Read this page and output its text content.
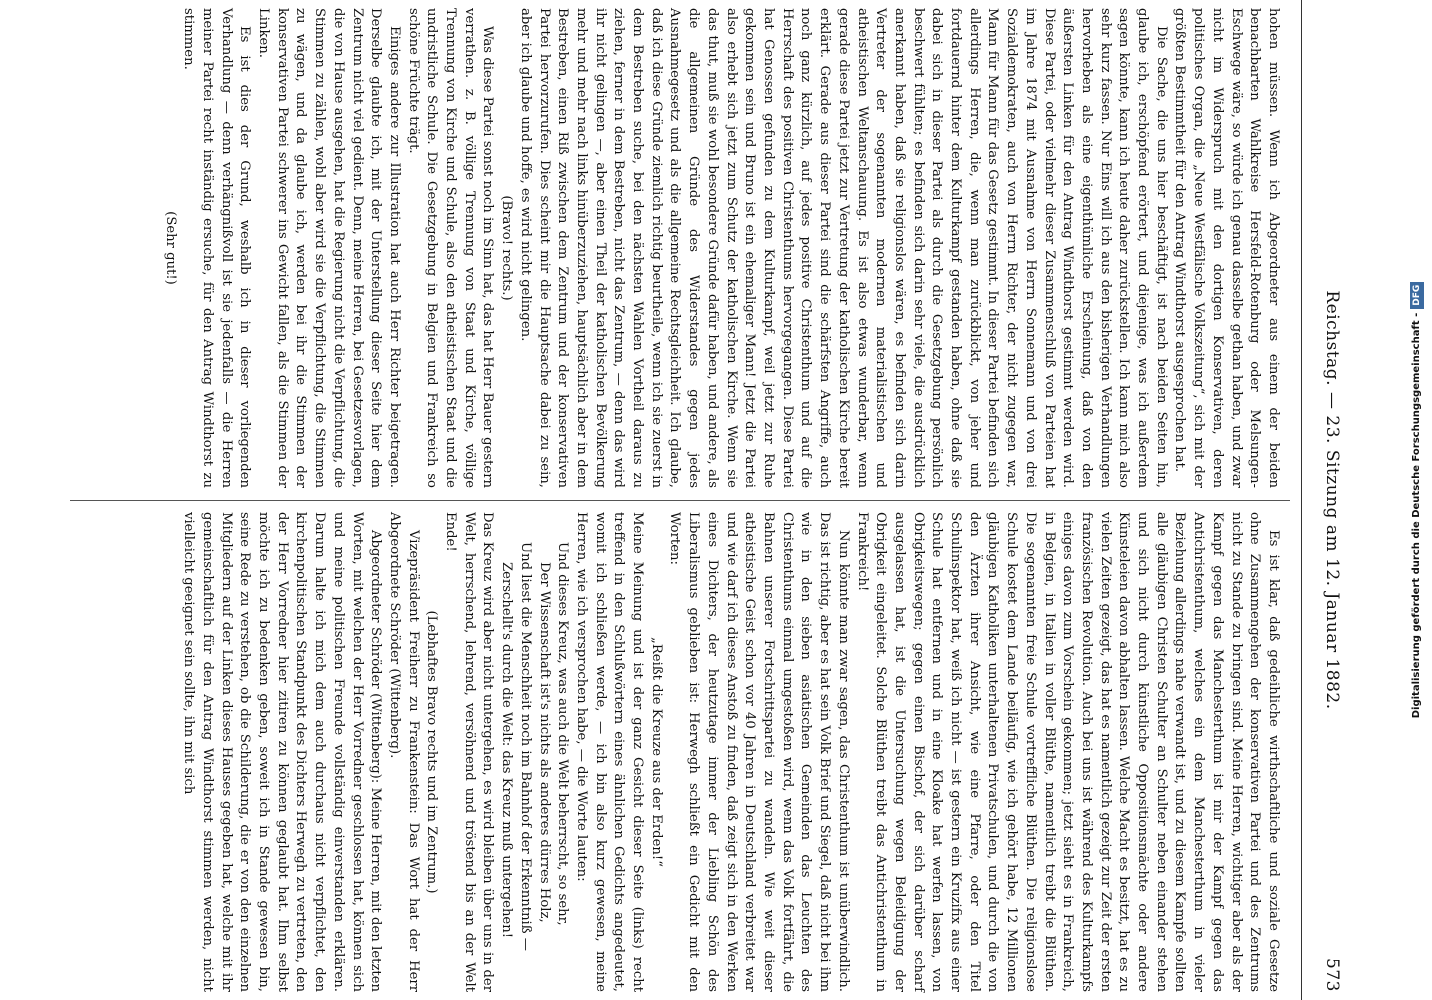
Reichstag. — 23. Sitzung am 12. Januar 1882.
573

hohen müssen. Wenn ich Abgeordneter aus einem der beiden benachbarten Wahlkreise Hersfeld-Rotenburg oder Melsungen-Eschwege wäre, so würde ich genau dasselbe gethan haben, und zwar nicht im Widerspruch mit den dortigen Konservativen, deren politisches Organ, die „Neue Westfälische Volkszeitung“, sich mit der größten Bestimmtheit für den Antrag Windthorst ausgesprochen hat.

Die Sache, die uns hier beschäftigt, ist nach beiden Seiten hin, glaube ich, erschöpfend erörtert, und diejenige, was ich außerdem sagen könnte, kann ich heute daher zurückstellen. Ich kann mich also sehr kurz fassen. Nur Eins will ich aus den bisherigen Verhandlungen hervorheben als eine eigenthümliche Erscheinung, daß von den äußersten Linken für den Antrag Windthorst gestimmt werden wird. Diese Partei, oder vielmehr dieser Zusammenschluß von Parteien hat im Jahre 1874 mit Ausnahme von Herrn Sonnemann und von drei Sozialdemokraten, auch von Herrn Richter, der nicht zugegen war, Mann für Mann für das Gesetz gestimmt. In dieser Partei befinden sich allerdings Herren, die, wenn man zurückblickt, von jeher und fortdauernd hinter dem Kulturkampf gestanden haben, ohne daß sie dabei sich in dieser Partei als durch die Gesetzgebung persönlich beschwert fühlten; es befinden sich darin sehr viele, die ausdrücklich anerkannt haben, daß sie religionslos wären, es befinden sich darin Vertreter der sogenannten modernen materialistischen und atheistischen Weltanschauung. Es ist also etwas wunderbar, wenn gerade diese Partei jetzt zur Vertretung der katholischen Kirche bereit erklärt. Gerade aus dieser Partei sind die schärfsten Angriffe, auch noch ganz kürzlich, auf jedes positive Christenthum und auf die Herrschaft des positiven Christenthums hervorgegangen. Diese Partei hat Genossen gefunden zu dem Kulturkampf, weil jetzt zur Ruhe gekommen sein und Bruno ist ein ehemaliger Mann! Jetzt die Partei also erhebt sich jetzt zum Schutz der katholischen Kirche. Wenn sie das thut, muß sie wohl besondere Gründe dafür haben, und andere, als die allgemeinen Gründe des Widerstandes gegen jedes Ausnahmegesetz und als die allgemeine Rechtsgleichheit. Ich glaube, daß ich diese Gründe ziemlich richtig beurtheile, wenn ich sie zuerst in dem Bestreben suche, bei den nächsten Wahlen Vortheil daraus zu ziehen, ferner in dem Bestreben, nicht das Zentrum, — denn das wird ihr nicht gelingen —, aber einen Theil der katholischen Bevölkerung mehr und mehr nach links hinüberzuziehen, hauptsächlich aber in dem Bestreben, einen Riß zwischen dem Zentrum und der konservativen Partei hervorzurufen. Dies scheint mir die Hauptsache dabei zu sein, aber ich glaube und hoffe, es wird nicht gelingen.

(Bravo! rechts.)

Was diese Partei sonst noch im Sinn hat, das hat Herr Bauer gestern verrathen. z. B. völlige Trennung von Staat und Kirche, völlige Trennung von Kirche und Schule, also den atheistischen Staat und die undristliche Schule. Die Gesetzgebung in Belgien und Frankreich so schöne Früchte trägt.

Einiges andere zur Illustration hat auch Herr Richter beigetragen. Derselbe glaubte ich, mit der Unterstellung dieser Seite hier dem Zentrum nicht viel gedient. Denn, meine Herren, bei Gesetzesvorlagen, die von Hause ausgehen, hat die Regierung nicht die Verpflichtung, die Stimmen zu zählen, wohl aber wird sie die Verpflichtung, die Stimmen zu wägen, und da glaube ich, werden bei ihr die Stimmen der konservativen Partei schwerer ins Gewicht fallen, als die Stimmen der Linken.

Es ist dies der Grund, weshalb ich in dieser vorliegenden Verhandlung — denn verhängnißvoll ist sie jedenfalls — die Herren meiner Partei recht inständig ersuche, für den Antrag Windthorst zu stimmen.

(Sehr gut!)

Es ist klar, daß gedeihliche wirthschaftliche und soziale Gesetze ohne Zusammengehen der konservativen Partei und des Zentrums nicht zu Stande zu bringen sind. Meine Herren, wichtiger aber als der Kampf gegen das Manchesterthum ist mir der Kampf gegen das Antichristenthum, welches ein dem Manchesterthum in vieler Beziehung allerdings nahe verwandt ist, und zu diesem Kampfe sollten alle gläubigen Christen Schulter an Schulter neben einander stehen und sich nicht durch künstliche Oppositionsmächte oder andere Künsteleien davon abhalten lassen. Welche Macht es besitzt, hat es zu vielen Zeiten gezeigt, das hat es namentlich gezeigt zur Zeit der ersten französischen Revolution. Auch bei uns ist während des Kulturkampfs einiges davon zum Vorschein gekommen; jetzt sieht es in Frankreich, in Belgien, in Italien in voller Blüthe, namentlich treibt die Blüthen. Die sogenannten freie Schule vortreffliche Blüthen. Die religionslose Schule kostet dem Lande beiläufig, wie ich gehört habe, 12 Millionen gläubigen Katholiken unterhaltenen Privatschulen, und durch die von den Ärzten ihrer Ansicht, wie eine Pfarre, oder den Titel Schulinspektor hat, weiß ich nicht — ist gestern ein Kruzifix aus einer Schule hat entfernen und in eine Kloake hat werfen lassen, von Obrigkeitswegen; gegen einen Bischof, der sich darüber scharf ausgelassen hat, ist die Untersuchung wegen Beleidigung der Obrigkeit eingeleitet. Solche Blüthen treibt das Antichristenthum in Frankreich!

Nun könnte man zwar sagen, das Christenthum ist unüberwindlich. Das ist richtig, aber es hat sein Volk Brief und Siegel, daß nicht bei ihm wie in den sieben asiatischen Gemeinden das Leuchten des Christenthums einmal umgestoßen wird, wenn das Volk fortfährt, die Bahnen unserer Fortschrittspartei zu wandeln. Wie weit dieser atheistische Geist schon vor 40 Jahren in Deutschland verbreitet war und wie darf ich dieses Anstoß zu finden, daß zeigt sich in den Werken eines Dichters, der heutzutage immer der Liebling Schön des Liberalismus geblieben ist: Herwegh schließt ein Gedicht mit den Worten:

„Reißt die Kreuze aus der Erden!“

Meine Meinung und ist der ganz Gesicht dieser Seite (links) recht treffend in den Schlußwörtern eines ähnlichen Gedichts angedeutet, womit ich schließen werde, — ich bin also kurz gewesen, meine Herren, wie ich versprochen habe, — die Worte lauten:

Und dieses Kreuz, was auch die Welt beherrscht, so sehr,

Der Wissenschaft ist's nichts als anderes dürres Holz,

Und liest die Menschheit noch im Bahnhof der Erkenntniß —

Zerschellt's durch die Welt: das Kreuz muß untergehen!

Das Kreuz wird aber nicht untergehen, es wird bleiben über uns in der Welt, herrschend, lehrend, versöhnend und tröstend bis an der Welt Ende!

(Lebhaftes Bravo rechts und im Zentrum.)

Vizepräsident Freiherr zu Frankenstein: Das Wort hat der Herr Abgeordnete Schröder (Wittenberg).

Abgeordneter Schröder (Wittenberg): Meine Herren, mit den letzten Worten, mit welchen der Herr Vorredner geschlossen hat, können sich und meine politischen Freunde vollständig einverstanden erklären. Darum halte ich mich dem auch durchaus nicht verpflichtet, den kirchenpolitischen Standpunkt des Dichters Herwegh zu vertreten, den der Herr Vorredner hier zitiren zu können geglaubt hat. Ihm selbst möchte ich zu bedenken geben, soweit ich in Stande gewesen bin, seine Rede zu verstehen, ob die Schilderung, die er von den einzelnen Mitgliedern auf der Linken dieses Hauses gegeben hat, welche mit ihr gemeinschaftlich für den Antrag Windthorst stimmen werden, nicht vielleicht geeignet sein sollte, ihn mit sich	Digitalisierung gefördert durch die Deutsche Forschungsgemeinschaft -DFG
